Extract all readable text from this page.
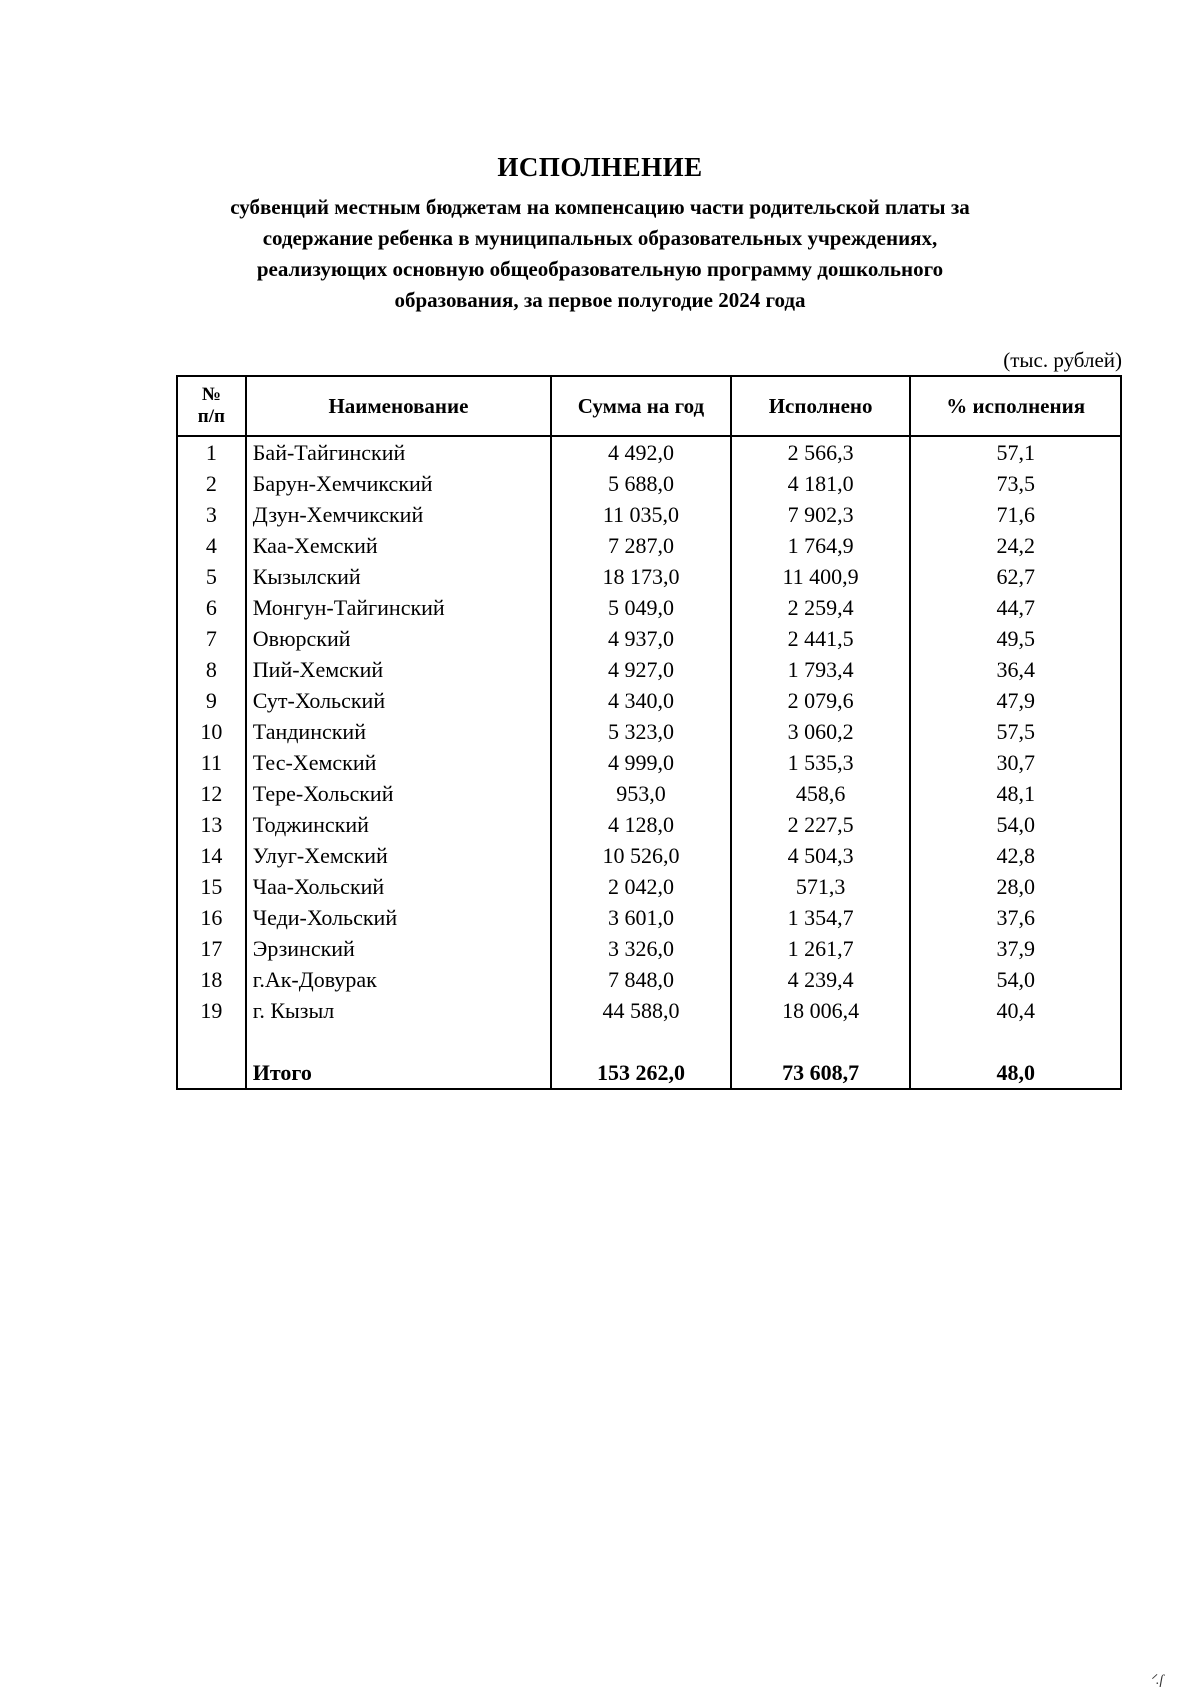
ИСПОЛНЕНИЕ
субвенций местным бюджетам на компенсацию части родительской платы за
содержание ребенка в муниципальных образовательных учреждениях,
реализующих основную общеобразовательную программу дошкольного
образования, за первое полугодие 2024 года
(тыс. рублей)
№
п/п	Наименование	Сумма на год	Исполнено	% исполнения
1	Бай-Тайгинский	4 492,0	2 566,3	57,1
2	Барун-Хемчикский	5 688,0	4 181,0	73,5
3	Дзун-Хемчикский	11 035,0	7 902,3	71,6
4	Каа-Хемский	7 287,0	1 764,9	24,2
5	Кызылский	18 173,0	11 400,9	62,7
6	Монгун-Тайгинский	5 049,0	2 259,4	44,7
7	Овюрский	4 937,0	2 441,5	49,5
8	Пий-Хемский	4 927,0	1 793,4	36,4
9	Сут-Хольский	4 340,0	2 079,6	47,9
10	Тандинский	5 323,0	3 060,2	57,5
11	Тес-Хемский	4 999,0	1 535,3	30,7
12	Тере-Хольский	953,0	458,6	48,1
13	Тоджинский	4 128,0	2 227,5	54,0
14	Улуг-Хемский	10 526,0	4 504,3	42,8
15	Чаа-Хольский	2 042,0	571,3	28,0
16	Чеди-Хольский	3 601,0	1 354,7	37,6
17	Эрзинский	3 326,0	1 261,7	37,9
18	г.Ак-Довурак	7 848,0	4 239,4	54,0
19	г. Кызыл	44 588,0	18 006,4	40,4

	Итого	153 262,0	73 608,7	48,0
ᐟ.ſ
